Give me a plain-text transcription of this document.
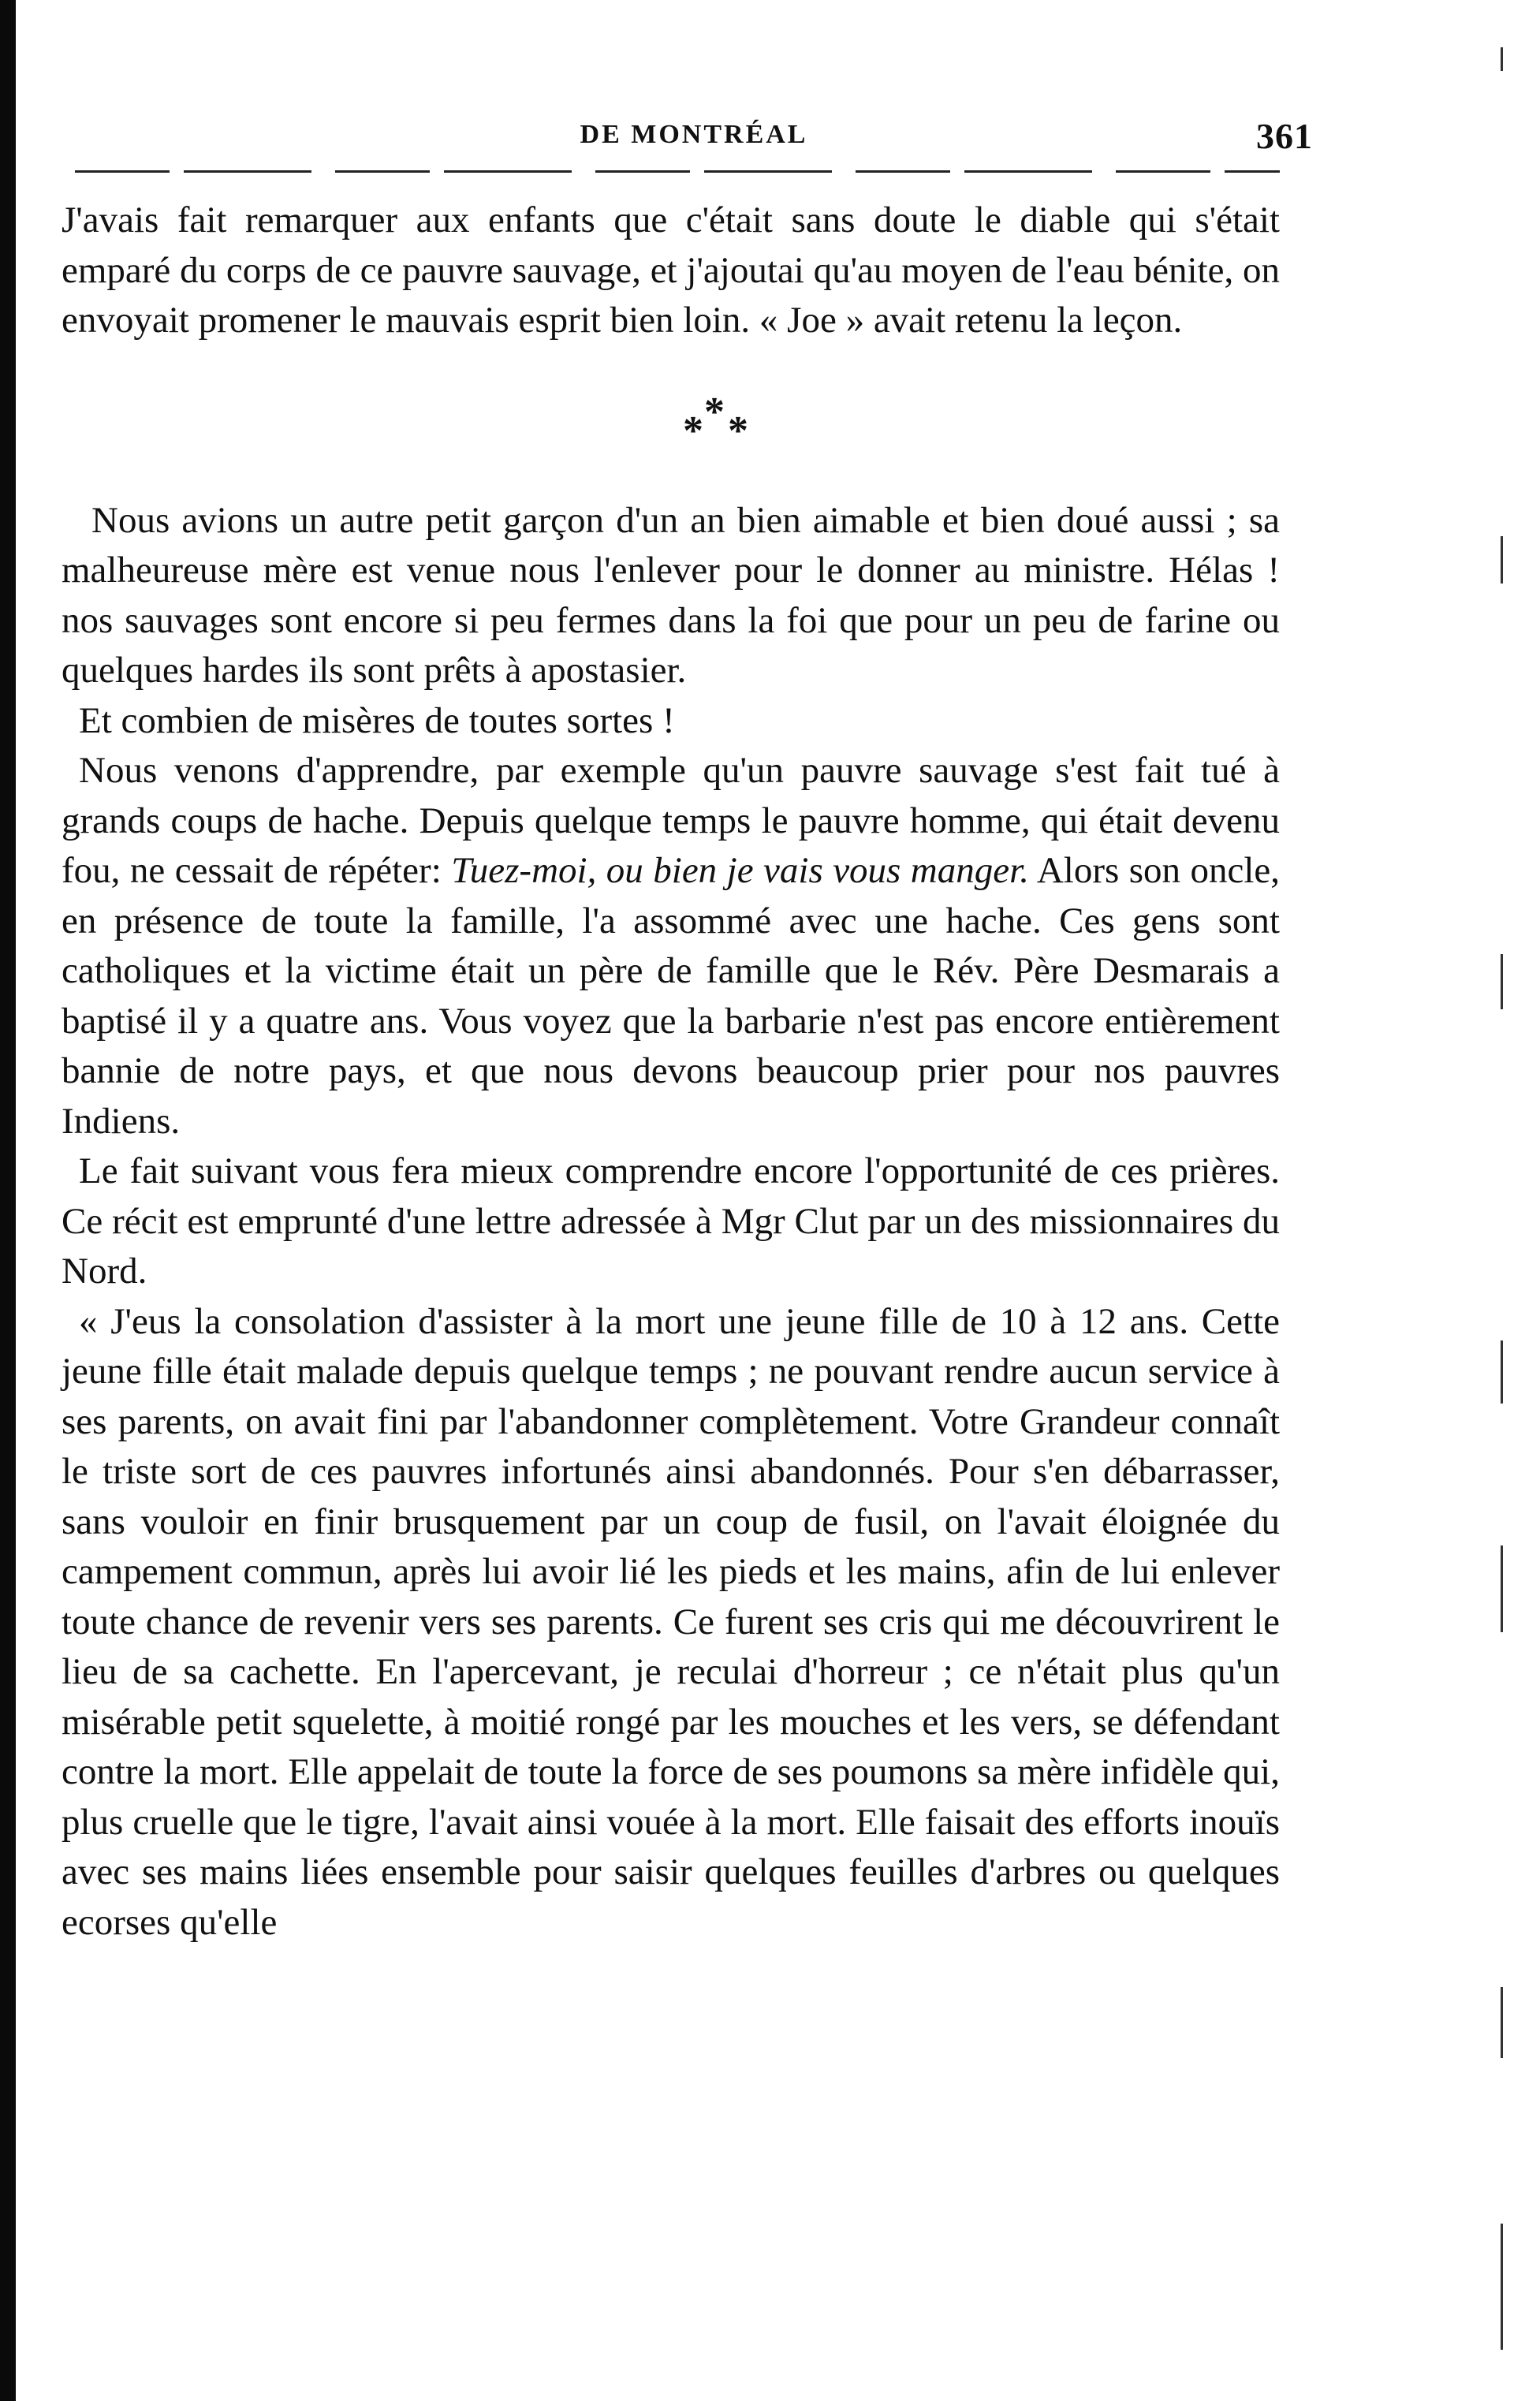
DE MONTRÉAL	361

J'avais fait remarquer aux enfants que c'était sans doute le diable qui s'était emparé du corps de ce pauvre sauvage, et j'ajoutai qu'au moyen de l'eau bénite, on envoyait promener le mauvais esprit bien loin. « Joe » avait retenu la leçon.

*
* *

Nous avions un autre petit garçon d'un an bien aimable et bien doué aussi ; sa malheureuse mère est venue nous l'enlever pour le donner au ministre. Hélas ! nos sauvages sont encore si peu fermes dans la foi que pour un peu de farine ou quelques hardes ils sont prêts à apostasier.

Et combien de misères de toutes sortes !

Nous venons d'apprendre, par exemple qu'un pauvre sauvage s'est fait tué à grands coups de hache. Depuis quelque temps le pauvre homme, qui était devenu fou, ne cessait de répéter: Tuez-moi, ou bien je vais vous manger. Alors son oncle, en présence de toute la famille, l'a assommé avec une hache. Ces gens sont catholiques et la victime était un père de famille que le Rév. Père Desmarais a baptisé il y a quatre ans. Vous voyez que la barbarie n'est pas encore entièrement bannie de notre pays, et que nous devons beaucoup prier pour nos pauvres Indiens.

Le fait suivant vous fera mieux comprendre encore l'opportunité de ces prières. Ce récit est emprunté d'une lettre adressée à Mgr Clut par un des missionnaires du Nord.

« J'eus la consolation d'assister à la mort une jeune fille de 10 à 12 ans. Cette jeune fille était malade depuis quelque temps ; ne pouvant rendre aucun service à ses parents, on avait fini par l'abandonner complètement. Votre Grandeur connaît le triste sort de ces pauvres infortunés ainsi abandonnés. Pour s'en débarrasser, sans vouloir en finir brusquement par un coup de fusil, on l'avait éloignée du campement commun, après lui avoir lié les pieds et les mains, afin de lui enlever toute chance de revenir vers ses parents. Ce furent ses cris qui me découvrirent le lieu de sa cachette. En l'apercevant, je reculai d'horreur ; ce n'était plus qu'un misérable petit squelette, à moitié rongé par les mouches et les vers, se défendant contre la mort. Elle appelait de toute la force de ses poumons sa mère infidèle qui, plus cruelle que le tigre, l'avait ainsi vouée à la mort. Elle faisait des efforts inouïs avec ses mains liées ensemble pour saisir quelques feuilles d'arbres ou quelques ecorses qu'elle
